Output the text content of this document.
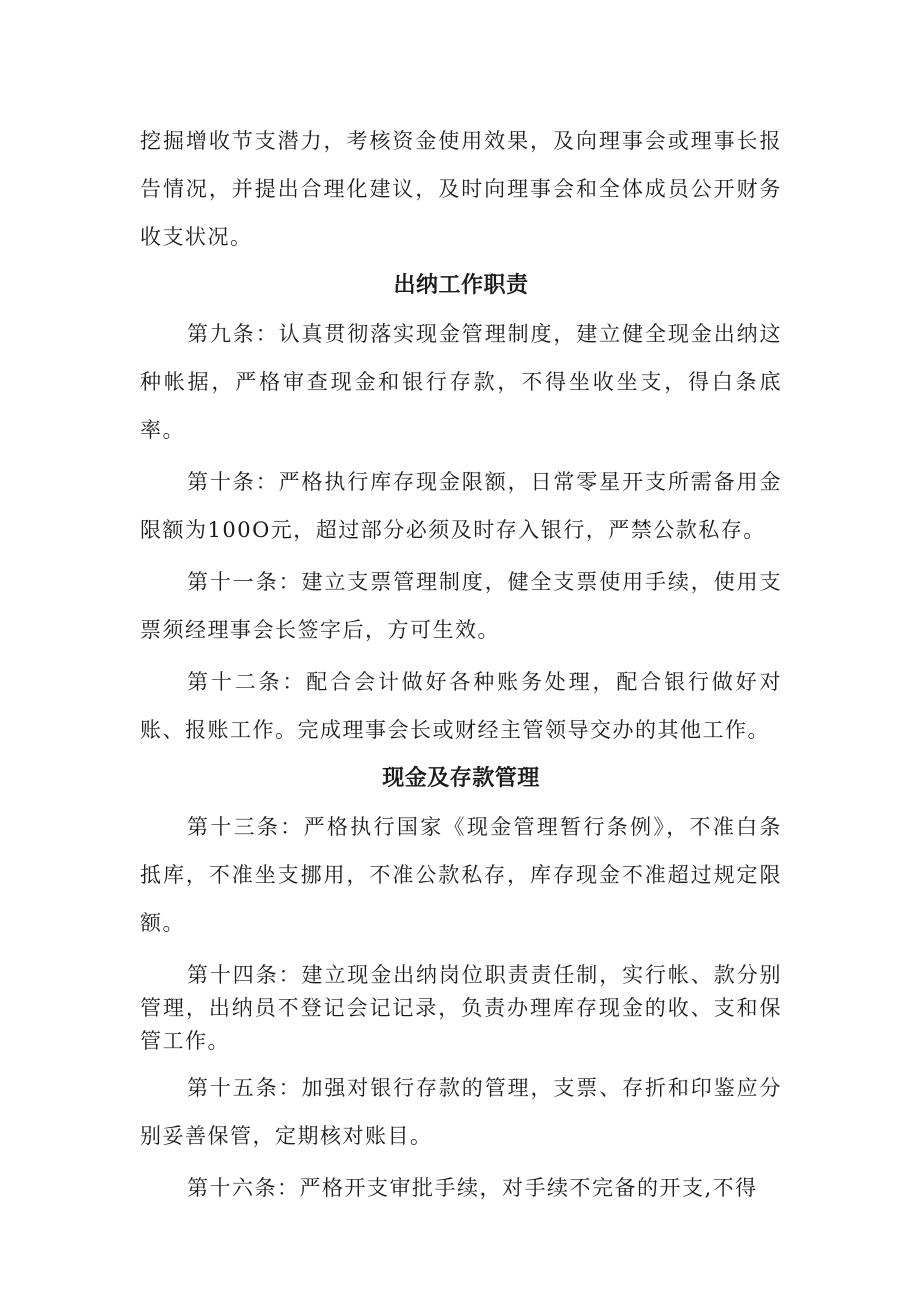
挖掘增收节支潜力，考核资金使用效果，及向理事会或理事长报告情况，并提出合理化建议，及时向理事会和全体成员公开财务收支状况。

出纳工作职责

第九条：认真贯彻落实现金管理制度，建立健全现金出纳这种帐据，严格审查现金和银行存款，不得坐收坐支，得白条底率。

第十条：严格执行库存现金限额，日常零星开支所需备用金限额为100O元，超过部分必须及时存入银行，严禁公款私存。

第十一条：建立支票管理制度，健全支票使用手续，使用支票须经理事会长签字后，方可生效。

第十二条：配合会计做好各种账务处理，配合银行做好对账、报账工作。完成理事会长或财经主管领导交办的其他工作。

现金及存款管理

第十三条：严格执行国家《现金管理暂行条例》，不准白条抵库，不准坐支挪用，不准公款私存，库存现金不准超过规定限额。

第十四条：建立现金出纳岗位职责责任制，实行帐、款分别管理，出纳员不登记会记记录，负责办理库存现金的收、支和保管工作。

第十五条：加强对银行存款的管理，支票、存折和印鉴应分别妥善保管，定期核对账目。

第十六条：严格开支审批手续，对手续不完备的开支,不得
